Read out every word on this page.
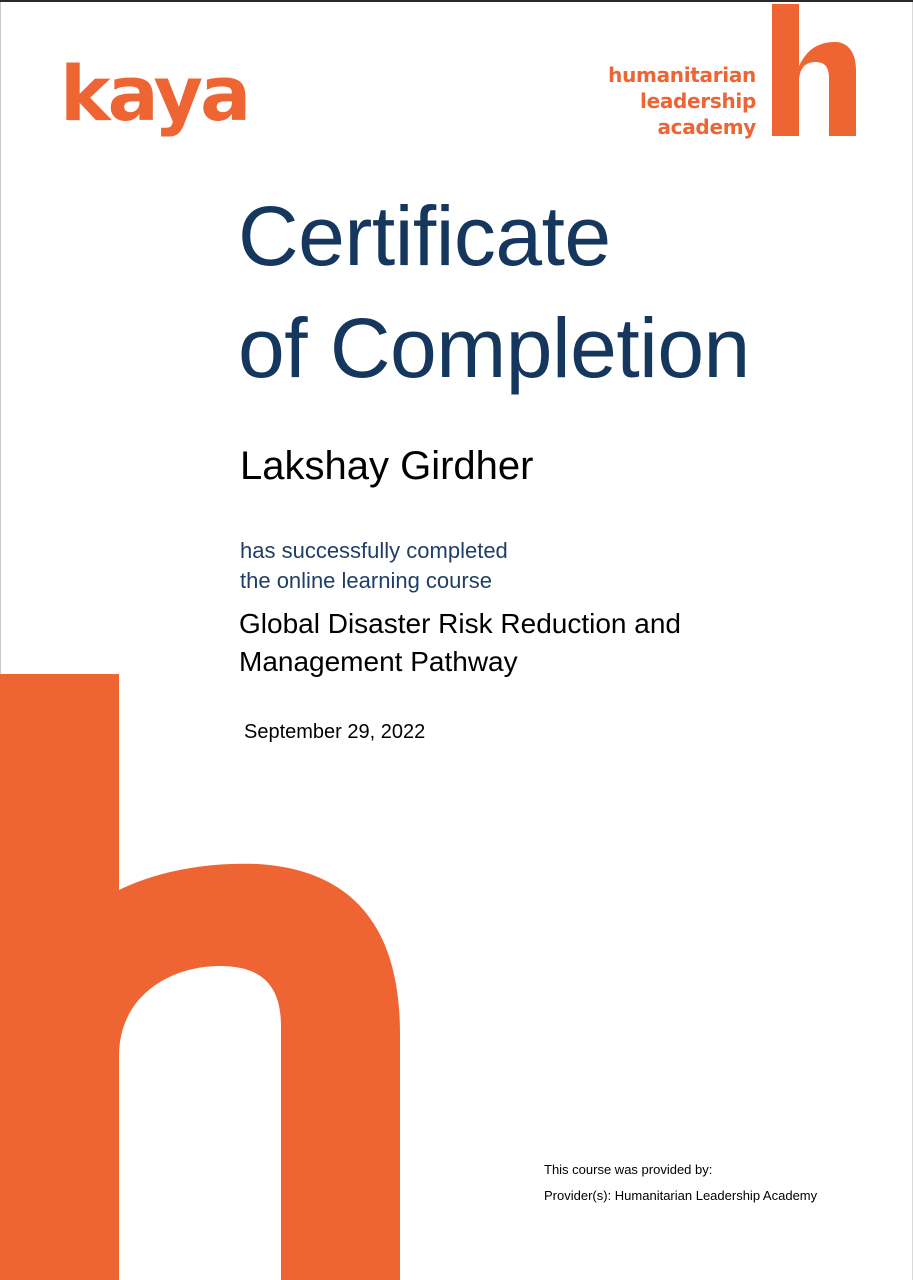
kaya	humanitarian
leadership
academy
Certificate
of Completion
Lakshay Girdher
has successfully completed
the online learning course
Global Disaster Risk Reduction and
Management Pathway
September 29, 2022
This course was provided by:
Provider(s): Humanitarian Leadership Academy
